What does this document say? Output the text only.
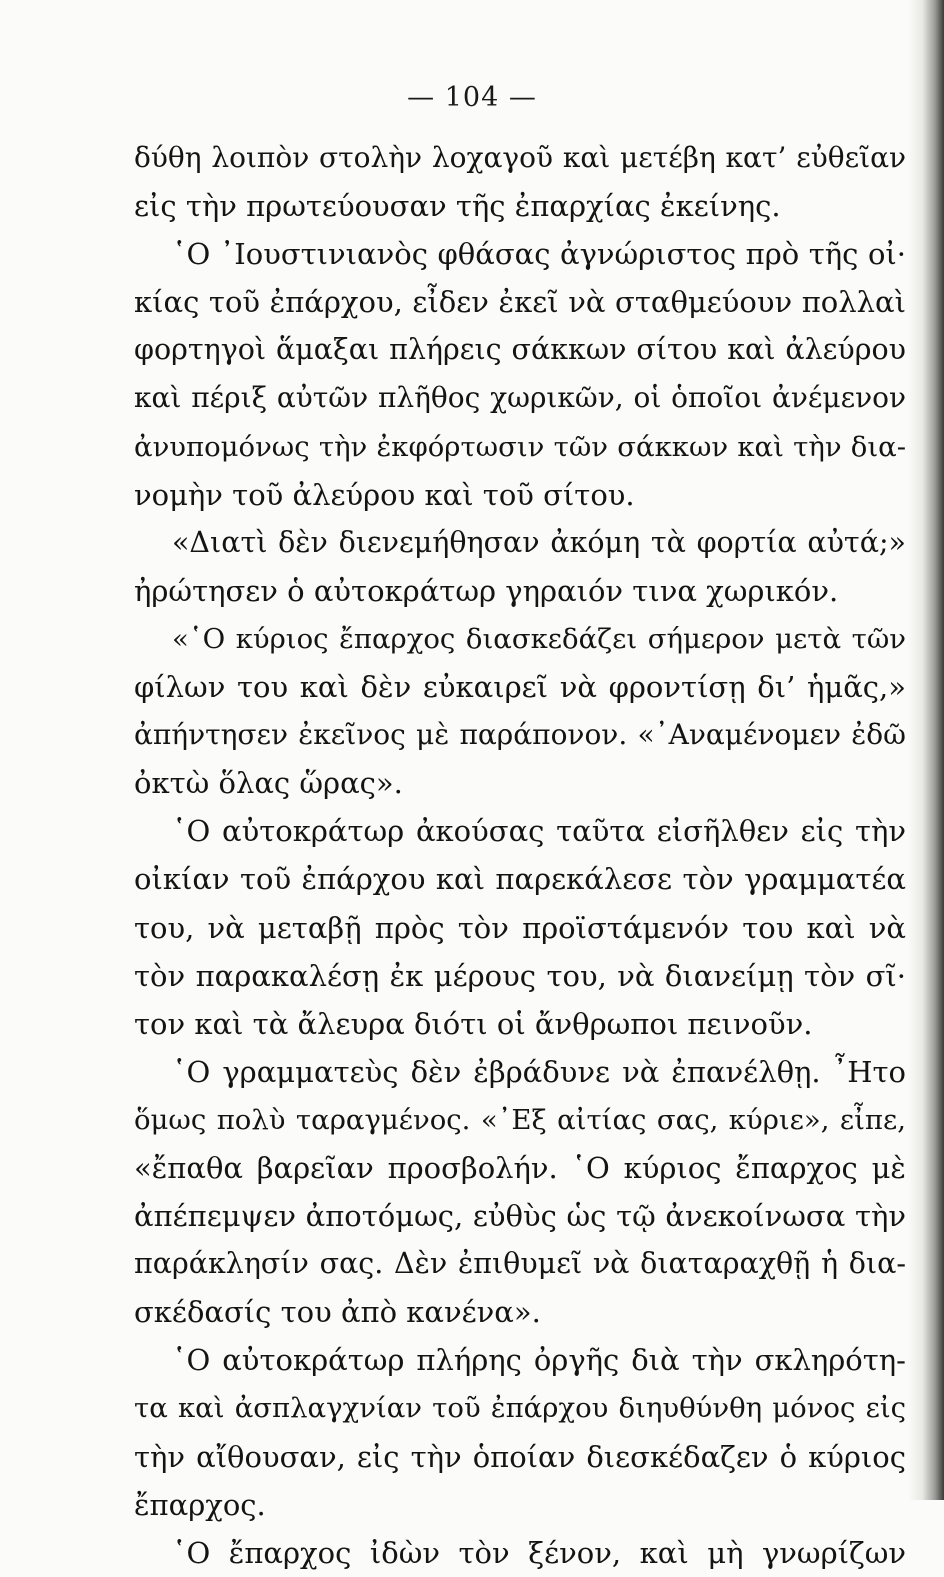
— 104 —
δύθη λοιπὸν στολὴν λοχαγοῦ καὶ μετέβη κατ’ εὐθεῖαν
εἰς τὴν πρωτεύουσαν τῆς ἐπαρχίας ἐκείνης.
῾Ο ᾿Ιουστινιανὸς φθάσας ἀγνώριστος πρὸ τῆς οἰ·
κίας τοῦ ἐπάρχου, εἶδεν ἐκεῖ νὰ σταθμεύουν πολλαὶ
φορτηγοὶ ἅμαξαι πλήρεις σάκκων σίτου καὶ ἀλεύρου
καὶ πέριξ αὐτῶν πλῆθος χωρικῶν, οἱ ὁποῖοι ἀνέμενον
ἀνυπομόνως τὴν ἐκφόρτωσιν τῶν σάκκων καὶ τὴν δια-
νομὴν τοῦ ἀλεύρου καὶ τοῦ σίτου.
«Διατὶ δὲν διενεμήθησαν ἀκόμη τὰ φορτία αὐτά;»
ἠρώτησεν ὁ αὐτοκράτωρ γηραιόν τινα χωρικόν.
«῾Ο κύριος ἔπαρχος διασκεδάζει σήμερον μετὰ τῶν
φίλων του καὶ δὲν εὐκαιρεῖ νὰ φροντίσῃ δι’ ἡμᾶς,»
ἀπήντησεν ἐκεῖνος μὲ παράπονον. «᾿Αναμένομεν ἐδῶ
ὀκτὼ ὅλας ὥρας».
῾Ο αὐτοκράτωρ ἀκούσας ταῦτα εἰσῆλθεν εἰς τὴν
οἰκίαν τοῦ ἐπάρχου καὶ παρεκάλεσε τὸν γραμματέα
του, νὰ μεταβῇ πρὸς τὸν προϊστάμενόν του καὶ νὰ
τὸν παρακαλέσῃ ἐκ μέρους του, νὰ διανείμῃ τὸν σῖ·
τον καὶ τὰ ἄλευρα διότι οἱ ἄνθρωποι πεινοῦν.
῾Ο γραμματεὺς δὲν ἐβράδυνε νὰ ἐπανέλθῃ. ῏Ητο
ὅμως πολὺ ταραγμένος. «᾿Εξ αἰτίας σας, κύριε», εἶπε,
«ἔπαθα βαρεῖαν προσβολήν. ῾Ο κύριος ἔπαρχος μὲ
ἀπέπεμψεν ἀποτόμως, εὐθὺς ὡς τῷ ἀνεκοίνωσα τὴν
παράκλησίν σας. Δὲν ἐπιθυμεῖ νὰ διαταραχθῇ ἡ δια-
σκέδασίς του ἀπὸ κανένα».
῾Ο αὐτοκράτωρ πλήρης ὀργῆς διὰ τὴν σκληρότη-
τα καὶ ἀσπλαγχνίαν τοῦ ἐπάρχου διηυθύνθη μόνος εἰς
τὴν αἴθουσαν, εἰς τὴν ὁποίαν διεσκέδαζεν ὁ κύριος
ἔπαρχος.
῾Ο ἔπαρχος ἰδὼν τὸν ξένον, καὶ μὴ γνωρίζων
